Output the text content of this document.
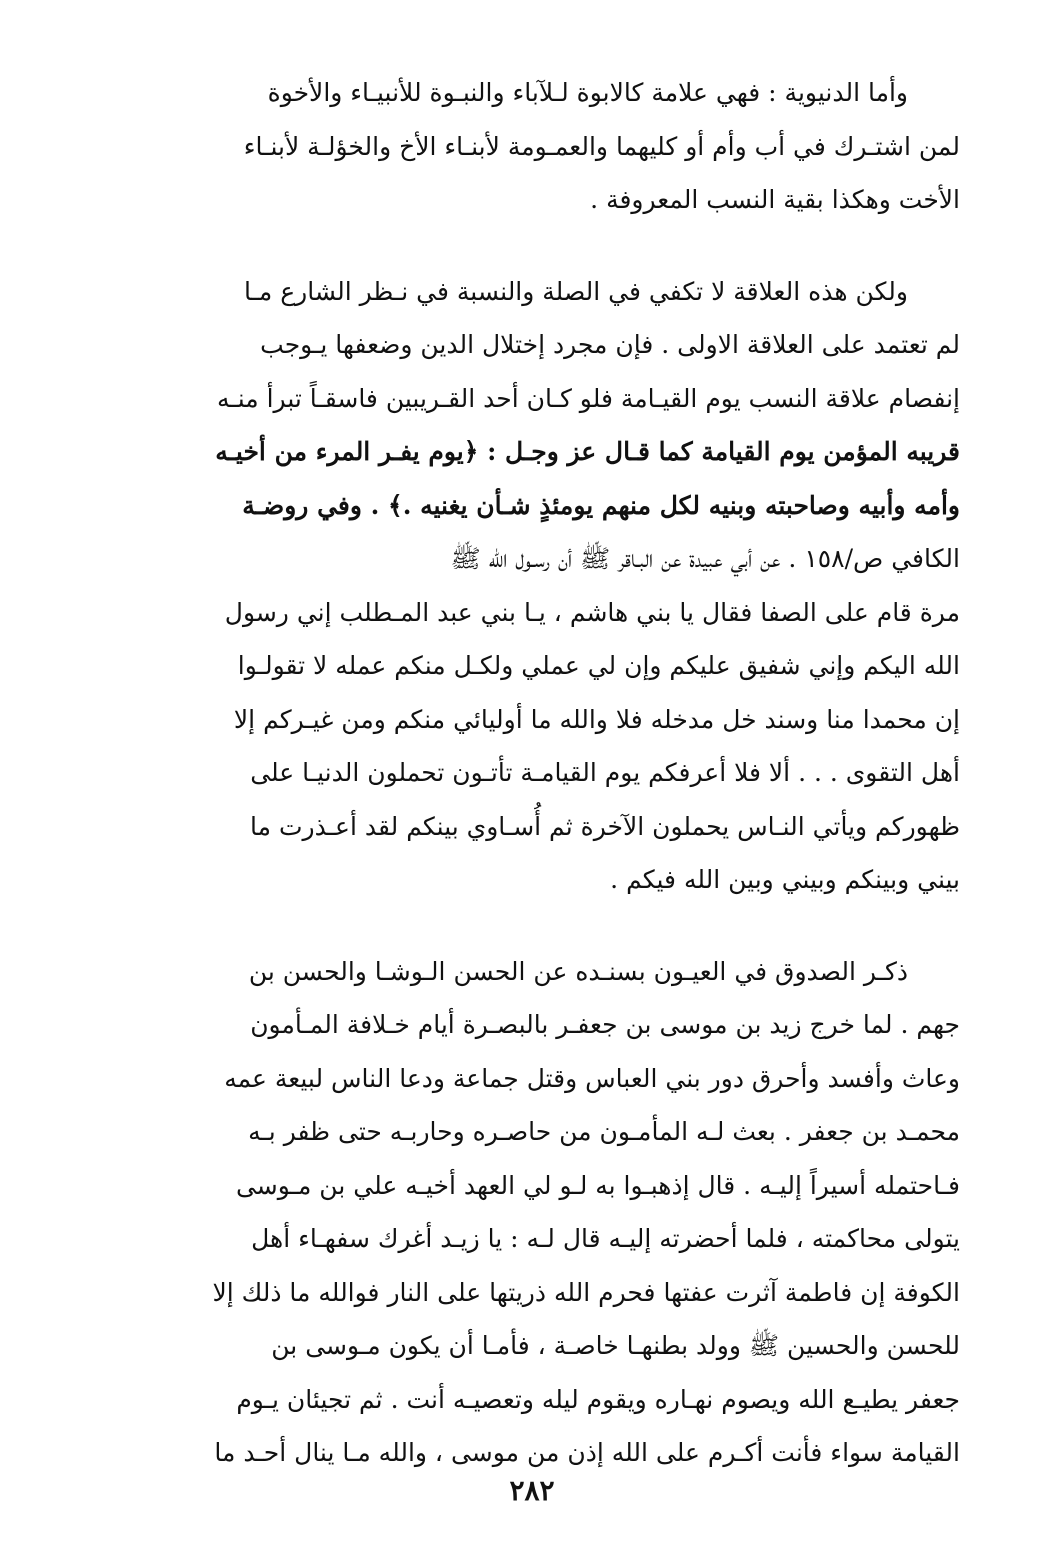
وأما الدنيوية : فهي علامة كالابوة لـلآباء والنبـوة للأنبيـاء والأخوة
لمن اشتـرك في أب وأم أو كليهما والعمـومة لأبنـاء الأخ والخؤلـة لأبنـاء
الأخت وهكذا بقية النسب المعروفة .
ولكن هذه العلاقة لا تكفي في الصلة والنسبة في نـظر الشارع مـا
لم تعتمد على العلاقة الاولى . فإن مجرد إختلال الدين وضعفها يـوجب
إنفصام علاقة النسب يوم القيـامة فلو كـان أحد القـريبين فاسقـاً تبرأ منـه
قريبه المؤمن يوم القيامة كما قـال عز وجـل : ﴿يوم يفـر المرء من أخيـه
وأمه وأبيه وصاحبته وبنيه لكل منهم يومئذٍ شـأن يغنيه .﴾ . وفي روضـة
الكافي ص/١٥٨ . عن أبي عبيدة عن البـاقر ﷺ أن رسـول الله ﷺ
مرة قام على الصفا فقال يا بني هاشم ، يـا بني عبد المـطلب إني رسول
الله اليكم وإني شفيق عليكم وإن لي عملي ولكـل منكم عمله لا تقولـوا
إن محمدا منا وسند خل مدخله فلا والله ما أوليائي منكم ومن غيـركم إلا
أهل التقوى . . . ألا فلا أعرفكم يوم القيامـة تأتـون تحملون الدنيـا على
ظهوركم ويأتي النـاس يحملون الآخرة ثم أُسـاوي بينكم لقد أعـذرت ما
بيني وبينكم وبيني وبين الله فيكم .
ذكـر الصدوق في العيـون بسنـده عن الحسن الـوشـا والحسن بن
جهم . لما خرج زيد بن موسى بن جعفـر بالبصـرة أيام خـلافة المـأمون
وعاث وأفسد وأحرق دور بني العباس وقتل جماعة ودعا الناس لبيعة عمه
محمـد بن جعفر . بعث لـه المأمـون من حاصـره وحاربـه حتى ظفر بـه
فـاحتمله أسيراً إليـه . قال إذهبـوا به لـو لي العهد أخيـه علي بن مـوسى
يتولى محاكمته ، فلما أحضرته إليـه قال لـه : يا زيـد أغرك سفهـاء أهل
الكوفة إن فاطمة آثرت عفتها فحرم الله ذريتها على النار فوالله ما ذلك إلا
للحسن والحسين ﷺ وولد بطنهـا خاصـة ، فأمـا أن يكون مـوسى بن
جعفر يطيـع الله ويصوم نهـاره ويقوم ليله وتعصيـه أنت . ثم تجيئان يـوم
القيامة سواء فأنت أكـرم على الله إذن من موسى ، والله مـا ينال أحـد ما
٢٨٢
